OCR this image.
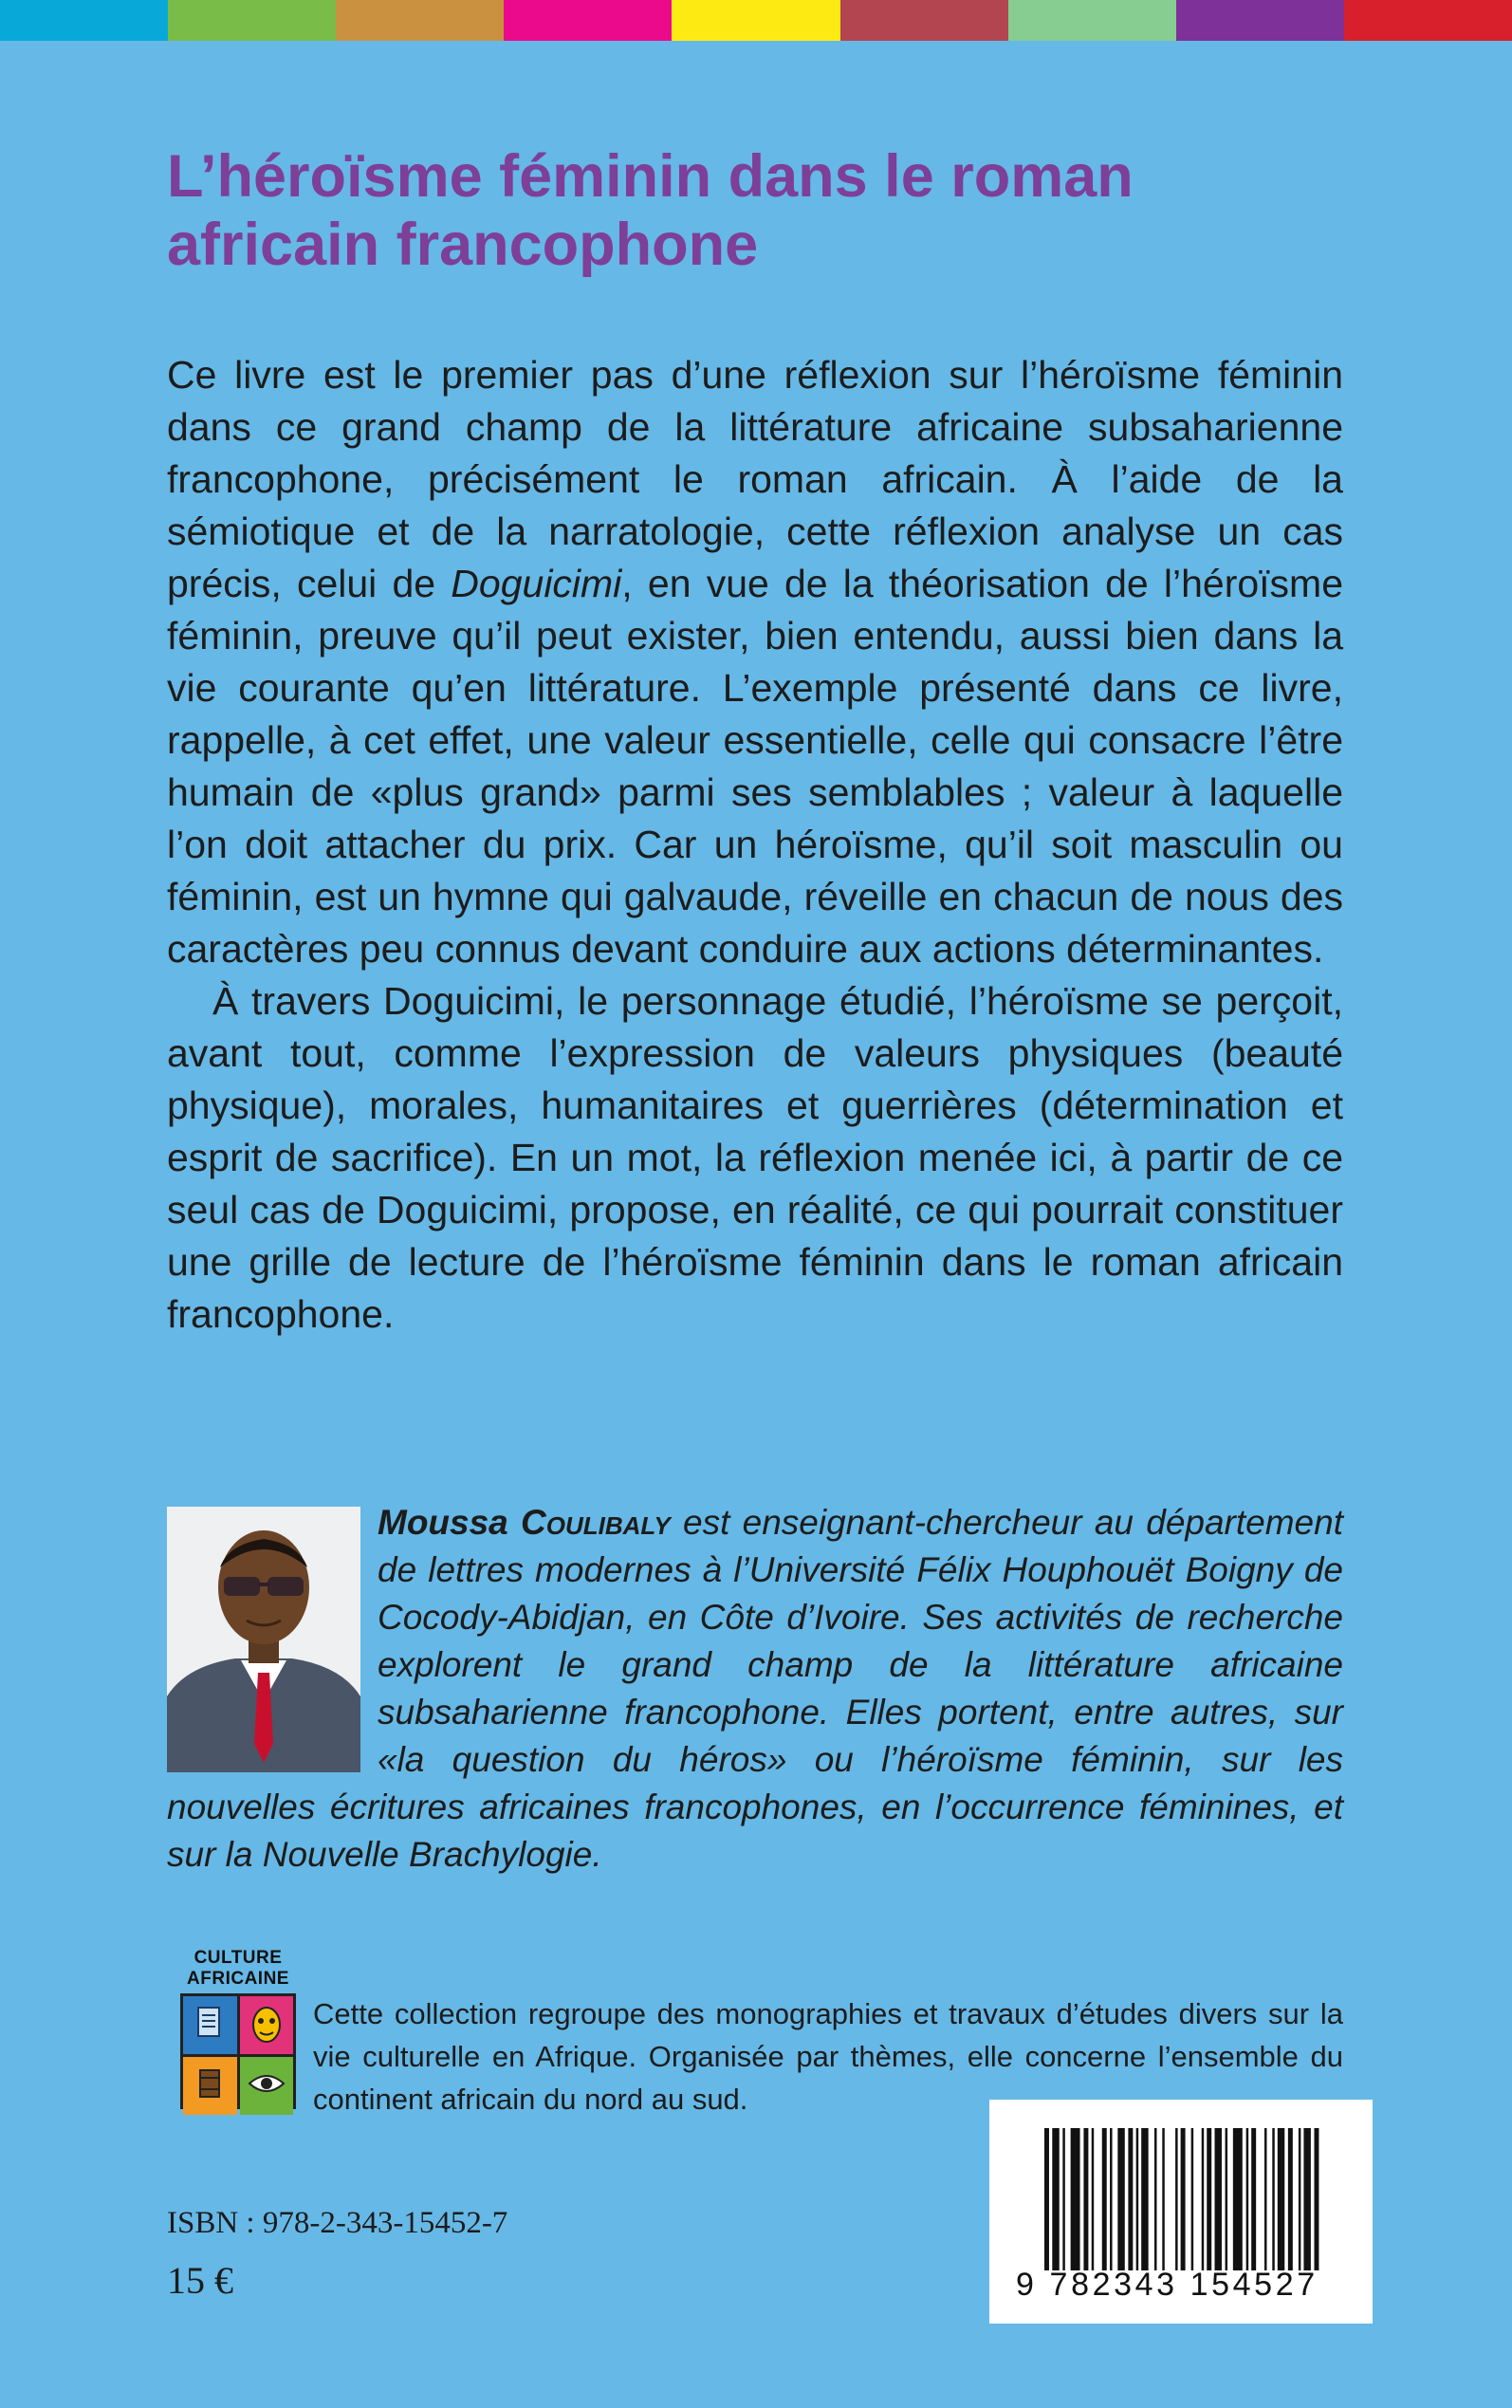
L’héroïsme féminin dans le roman
africain francophone

Ce livre est le premier pas d’une réflexion sur l’héroïsme féminin dans ce grand champ de la littérature africaine subsaharienne francophone, précisément le roman africain. À l’aide de la sémiotique et de la narratologie, cette réflexion analyse un cas précis, celui de Doguicimi, en vue de la théorisation de l’héroïsme féminin, preuve qu’il peut exister, bien entendu, aussi bien dans la vie courante qu’en littérature. L’exemple présenté dans ce livre, rappelle, à cet effet, une valeur essentielle, celle qui consacre l’être humain de «plus grand» parmi ses semblables ; valeur à laquelle l’on doit attacher du prix. Car un héroïsme, qu’il soit masculin ou féminin, est un hymne qui galvaude, réveille en chacun de nous des caractères peu connus devant conduire aux actions déterminantes.

À travers Doguicimi, le personnage étudié, l’héroïsme se perçoit, avant tout, comme l’expression de valeurs physiques (beauté physique), morales, humanitaires et guerrières (détermination et esprit de sacrifice). En un mot, la réflexion menée ici, à partir de ce seul cas de Doguicimi, propose, en réalité, ce qui pourrait constituer une grille de lecture de l’héroïsme féminin dans le roman africain francophone.

Moussa Coulibaly est enseignant-chercheur au département de lettres modernes à l’Université Félix Houphouët Boigny de Cocody-Abidjan, en Côte d’Ivoire. Ses activités de recherche explorent le grand champ de la littérature africaine subsaharienne francophone. Elles portent, entre autres, sur «la question du héros» ou l’héroïsme féminin, sur les nouvelles écritures africaines francophones, en l’occurrence féminines, et sur la Nouvelle Brachylogie.
CULTURE
AFRICAINE

Cette collection regroupe des monographies et travaux d’études divers sur la vie culturelle en Afrique. Organisée par thèmes, elle concerne l’ensemble du continent africain du nord au sud.

ISBN : 978-2-343-15452-7
15 €	9 782343 154527
